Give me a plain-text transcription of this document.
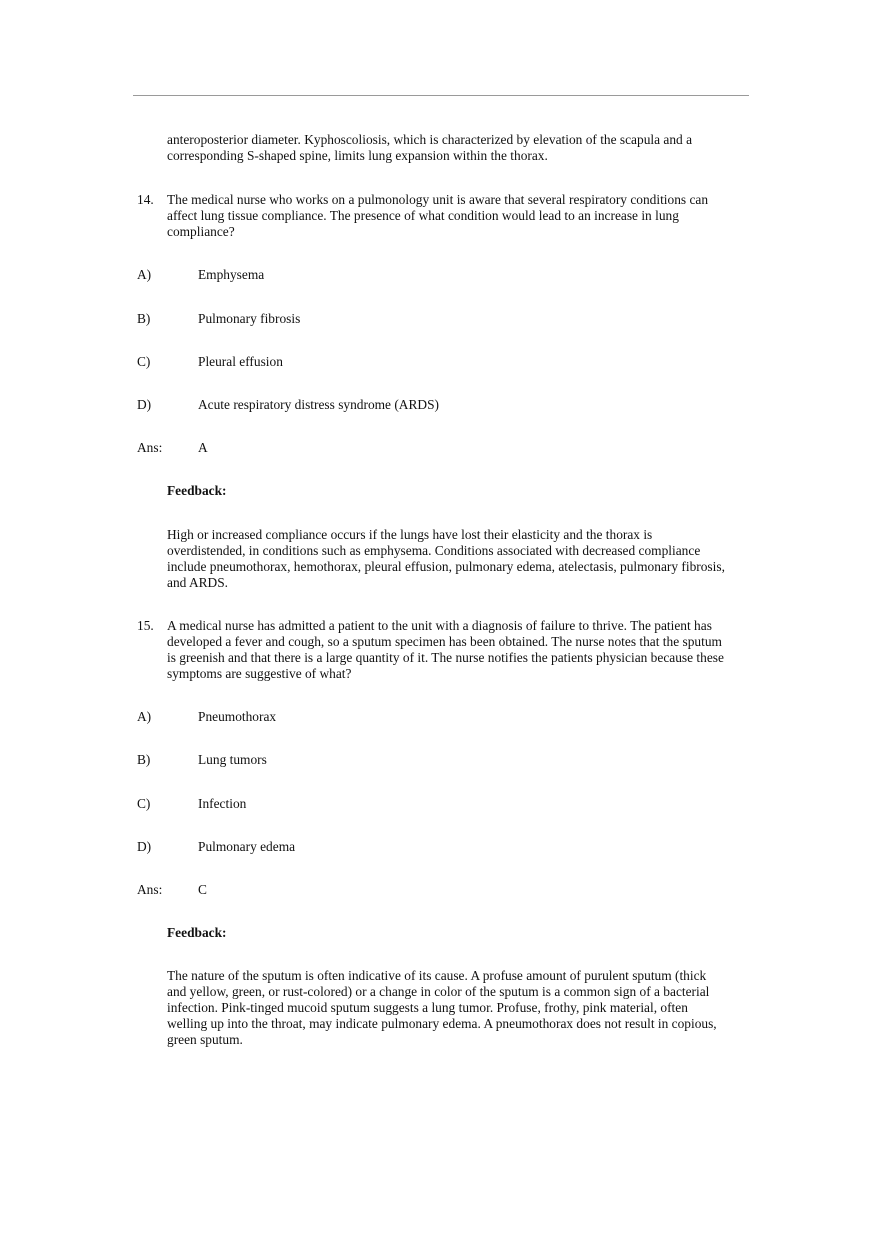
anteroposterior diameter. Kyphoscoliosis, which is characterized by elevation of the scapula and a
corresponding S-shaped spine, limits lung expansion within the thorax.

14. The medical nurse who works on a pulmonology unit is aware that several respiratory conditions can
affect lung tissue compliance. The presence of what condition would lead to an increase in lung
compliance?

A)	Emphysema
B)	Pulmonary fibrosis
C)	Pleural effusion
D)	Acute respiratory distress syndrome (ARDS)
Ans:	A
Feedback:

High or increased compliance occurs if the lungs have lost their elasticity and the thorax is
overdistended, in conditions such as emphysema. Conditions associated with decreased compliance
include pneumothorax, hemothorax, pleural effusion, pulmonary edema, atelectasis, pulmonary fibrosis,
and ARDS.

15. A medical nurse has admitted a patient to the unit with a diagnosis of failure to thrive. The patient has
developed a fever and cough, so a sputum specimen has been obtained. The nurse notes that the sputum
is greenish and that there is a large quantity of it. The nurse notifies the patients physician because these
symptoms are suggestive of what?

A)	Pneumothorax
B)	Lung tumors
C)	Infection
D)	Pulmonary edema
Ans:	C
Feedback:

The nature of the sputum is often indicative of its cause. A profuse amount of purulent sputum (thick
and yellow, green, or rust-colored) or a change in color of the sputum is a common sign of a bacterial
infection. Pink-tinged mucoid sputum suggests a lung tumor. Profuse, frothy, pink material, often
welling up into the throat, may indicate pulmonary edema. A pneumothorax does not result in copious,
green sputum.
